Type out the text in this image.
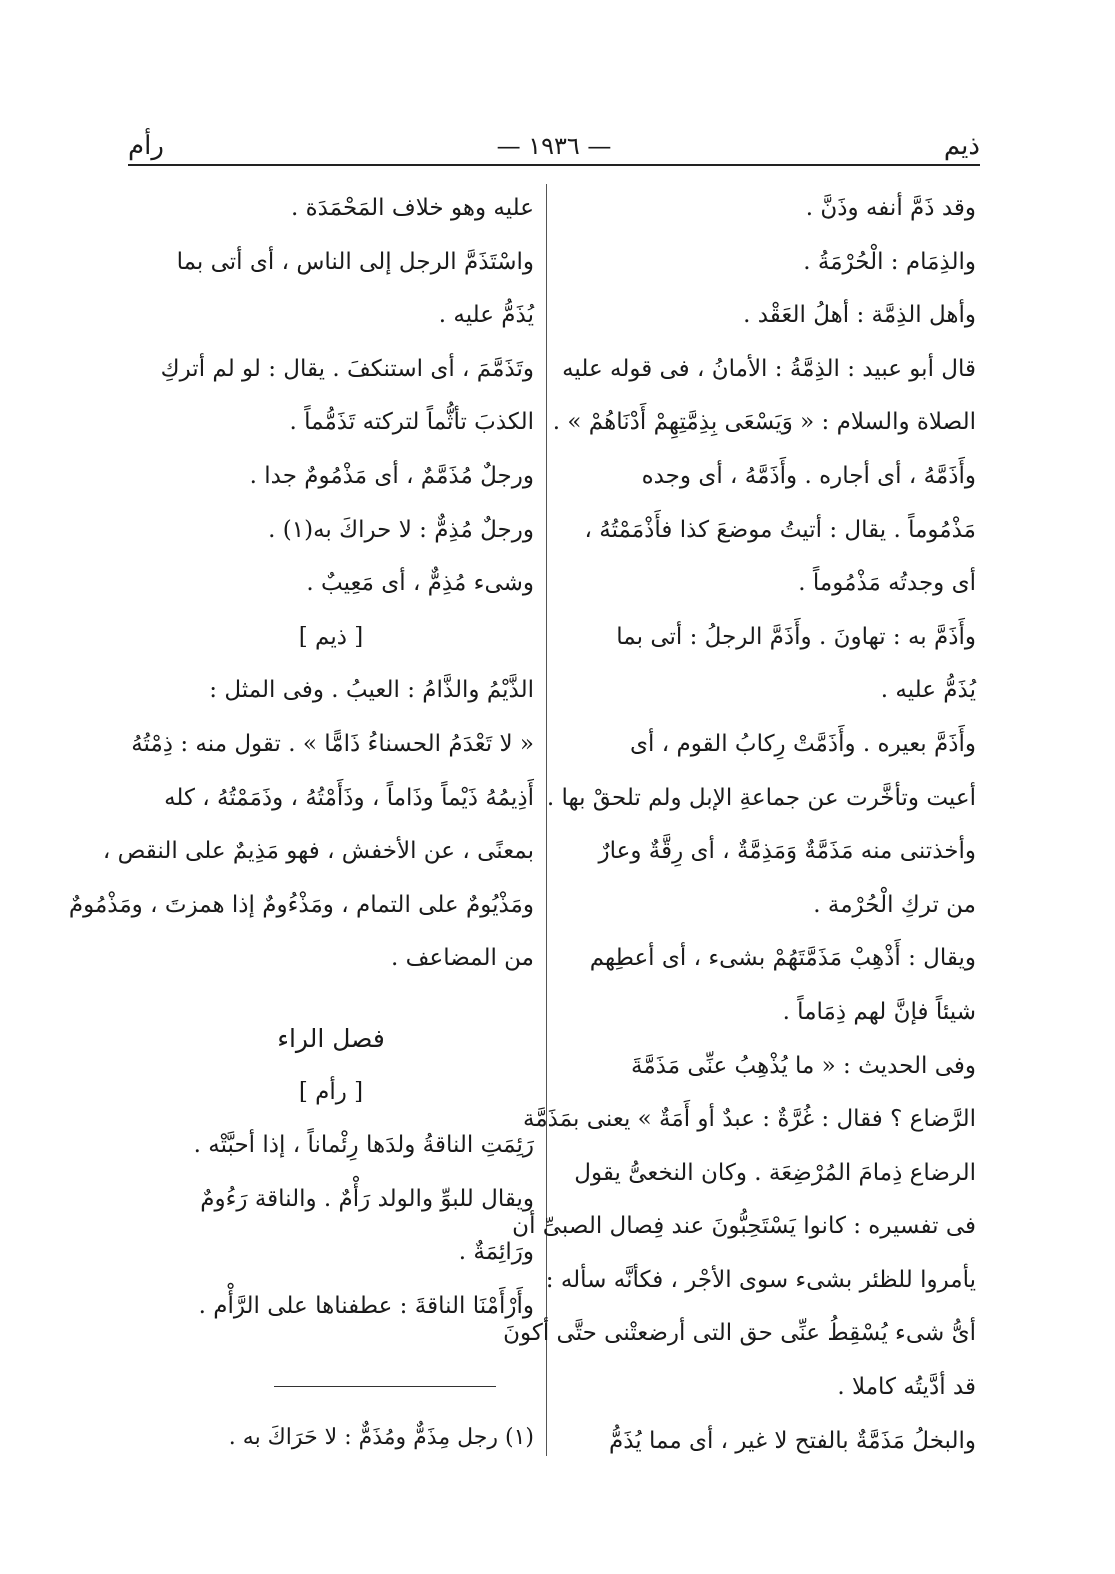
رأم	— ١٩٣٦ —	ذيم

وقد ذَمَّ أنفه وذَنَّ .

والذِمَام : الْحُرْمَةُ .

وأهل الذِمَّة : أهلُ العَقْد .

قال أبو عبيد : الذِمَّةُ : الأمانُ ، فى قوله عليه

الصلاة والسلام : « وَيَسْعَى بِذِمَّتِهِمْ أَدْنَاهُمْ » .

وأَذَمَّهُ ، أى أجاره . وأَذَمَّهُ ، أى وجده

مَذْمُوماً . يقال : أتيتُ موضعَ كذا فأَذْمَمْتُهُ ،

أى وجدتُه مَذْمُوماً .

وأَذَمَّ به : تهاونَ . وأَذَمَّ الرجلُ : أتى بما

يُذَمُّ عليه .

وأَذَمَّ بعيره . وأَذَمَّتْ رِكابُ القوم ، أى

أعيت وتأخَّرت عن جماعةِ الإبل ولم تلحقْ بها .

وأخذتنى منه مَذَمَّةٌ وَمَذِمَّةٌ ، أى رِقَّةٌ وعارٌ

من تركِ الْحُرْمة .

ويقال : أَذْهِبْ مَذَمَّتَهُمْ بشىء ، أى أعطِهم

شيئاً فإنَّ لهم ذِمَاماً .

وفى الحديث : « ما يُذْهِبُ عنِّى مَذَمَّةَ

الرَّضاع ؟ فقال : غُرَّةٌ : عبدٌ أو أَمَةٌ » يعنى بمَذَمَّة

الرضاع ذِمامَ المُرْضِعَة . وكان النخعىُّ يقول

فى تفسيره : كانوا يَسْتَحِبُّونَ عند فِصال الصبىِّ أن

يأمروا للظئر بشىء سوى الأجْر ، فكأنَّه سأله :

أىُّ شىء يُسْقِطُ عنِّى حق التى أرضعتْنى حتَّى أكونَ

قد أدَّيتُه كاملا .

والبخلُ مَذَمَّةٌ بالفتح لا غير ، أى مما يُذَمُّ

عليه وهو خلاف المَحْمَدَة .

واسْتَذَمَّ الرجل إلى الناس ، أى أتى بما

يُذَمُّ عليه .

وتَذَمَّمَ ، أى استنكفَ . يقال : لو لم أتركِ

الكذبَ تأثُّماً لتركته تَذَمُّماً .

ورجلٌ مُذَمَّمٌ ، أى مَذْمُومٌ جدا .

ورجلٌ مُذِمٌّ : لا حراكَ به(١) .

وشىء مُذِمٌّ ، أى مَعِيبٌ .

[ ذيم ]

الذَّيْمُ والذَّامُ : العيبُ . وفى المثل :

« لا تَعْدَمُ الحسناءُ ذَامًّا » . تقول منه : ذِمْتُهُ

أَذِيمُهُ ذَيْماً وذَاماً ، وذَأَمْتُهُ ، وذَمَمْتُهُ ، كله

بمعنًى ، عن الأخفش ، فهو مَذِيمٌ على النقص ،

ومَذْيُومٌ على التمام ، ومَذْءُومٌ إذا همزتَ ، ومَذْمُومٌ

من المضاعف .

فصل الراء

[ رأم ]

رَئِمَتِ الناقةُ ولدَها رِئْماناً ، إذا أحبَّتْه .

ويقال للبوِّ والولد رَأْمٌ . والناقة رَءُومٌ

ورَائِمَةٌ .

وأَرْأَمْنَا الناقةَ : عطفناها على الرَّأْم .

(١) رجل مِذَمٌّ ومُذَمٌّ : لا حَرَاكَ به .
